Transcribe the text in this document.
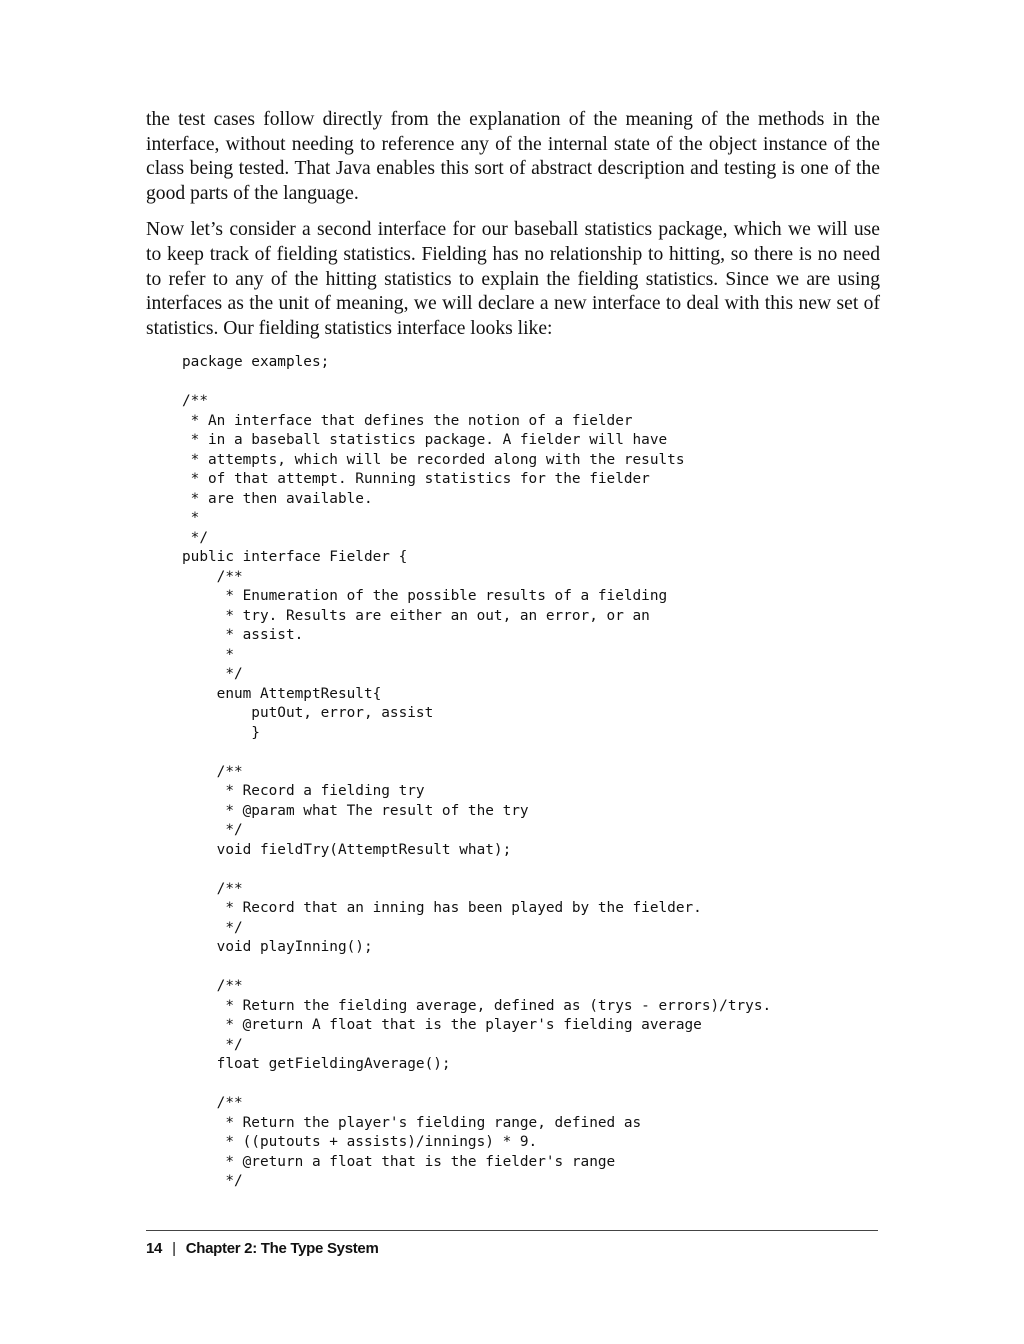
the test cases follow directly from the explanation of the meaning of the methods in the interface, without needing to reference any of the internal state of the object instance of the class being tested. That Java enables this sort of abstract description and testing is one of the good parts of the language.

Now let’s consider a second interface for our baseball statistics package, which we will use to keep track of fielding statistics. Fielding has no relationship to hitting, so there is no need to refer to any of the hitting statistics to explain the fielding statistics. Since we are using interfaces as the unit of meaning, we will declare a new interface to deal with this new set of statistics. Our fielding statistics interface looks like:

package examples;
/**
* An interface that defines the notion of a fielder
* in a baseball statistics package. A fielder will have
* attempts, which will be recorded along with the results
* of that attempt. Running statistics for the fielder
* are then available.
*
*/
public interface Fielder {
/**
* Enumeration of the possible results of a fielding
* try. Results are either an out, an error, or an
* assist.
*
*/
enum AttemptResult{
putOut, error, assist
}
/**
* Record a fielding try
* @param what The result of the try
*/
void fieldTry(AttemptResult what);
/**
* Record that an inning has been played by the fielder.
*/
void playInning();
/**
* Return the fielding average, defined as (trys - errors)/trys.
* @return A float that is the player's fielding average
*/
float getFieldingAverage();
/**
* Return the player's fielding range, defined as
* ((putouts + assists)/innings) * 9.
* @return a float that is the fielder's range
*/
14 | Chapter 2: The Type System
